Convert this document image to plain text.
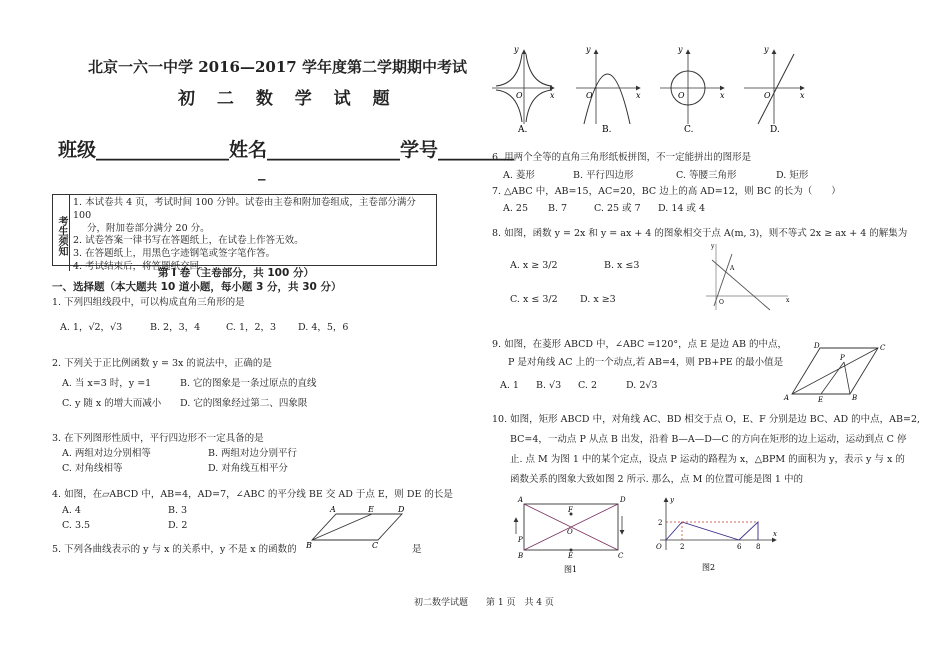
北京一六一中学 2016—2017 学年度第二学期期中考试
初 二 数 学 试 题
班级______________姓名______________学号________
_
考生须知
1. 本试卷共 4 页，考试时间 100 分钟。试卷由主卷和附加卷组成，主卷部分满分 100
分，附加卷部分满分 20 分。
2. 试卷答案一律书写在答题纸上，在试卷上作答无效。
3. 在答题纸上，用黑色字迹钢笔或签字笔作答。
4. 考试结束后，将答题纸交回。
第 I 卷（主卷部分，共 100 分）
一、选择题（本大题共 10 道小题，每小题 3 分，共 30 分）
1. 下列四组线段中，可以构成直角三角形的是
A. 1，√2，√3	B. 2，3，4	C. 1，2，3 D. 4，5，6
2. 下列关于正比例函数 y = 3x 的说法中，正确的是
A. 当 x=3 时，y =1	B. 它的图象是一条过原点的直线
C. y 随 x 的增大而减小 D. 它的图象经过第二、四象限
3. 在下列图形性质中，平行四边形不一定具备的是
A. 两组对边分别相等	B. 两组对边分别平行
C. 对角线相等	D. 对角线互相平分
4. 如图，在▱ABCD 中，AB=4，AD=7，∠ABC 的平分线 BE 交 AD 于点 E，则 DE 的长是
A. 4	B. 3
C. 3.5	D. 2
A	E	D
B	C
5. 下列各曲线表示的 y 与 x 的关系中，y 不是 x 的函数的	是
y
O	x
A.
y
O	x
B.
y
O	x
C.
y
O	x
D.
6. 用两个全等的直角三角形纸板拼图，不一定能拼出的图形是
A. 菱形	B. 平行四边形	C. 等腰三角形	D. 矩形
7. △ABC 中，AB=15，AC=20，BC 边上的高 AD=12，则 BC 的长为（　　）
A. 25 B. 7	C. 25 或 7 D. 14 或 4
8. 如图，函数 y = 2x 和 y = ax + 4 的图象相交于点 A(m, 3)，则不等式 2x ≥ ax + 4 的解集为
A. x ≥ 3/2	B. x ≤3
C. x ≤ 3/2 D. x ≥3
y
A
O	x
9. 如图，在菱形 ABCD 中，∠ABC =120°，点 E 是边 AB 的中点，
P 是对角线 AC 上的一个动点,若 AB=4，则 PB+PE 的最小值是
A. 1 B. √3 C. 2	D. 2√3
D
P
C
A	E	B
10. 如图，矩形 ABCD 中，对角线 AC、BD 相交于点 O，E、F 分别是边 BC、AD 的中点，AB=2,
BC=4，一动点 P 从点 B 出发，沿着 B—A—D—C 的方向在矩形的边上运动，运动到点 C 停
止. 点 M 为图 1 中的某个定点，设点 P 运动的路程为 x，△BPM 的面积为 y，表示 y 与 x 的
函数关系的图象大致如图 2 所示. 那么，点 M 的位置可能是图 1 中的
A
F
D
O
B	E	C
P
图1
y
2
O	2	6 8
x
图2
初二数学试题　　第 1 页　共 4 页
